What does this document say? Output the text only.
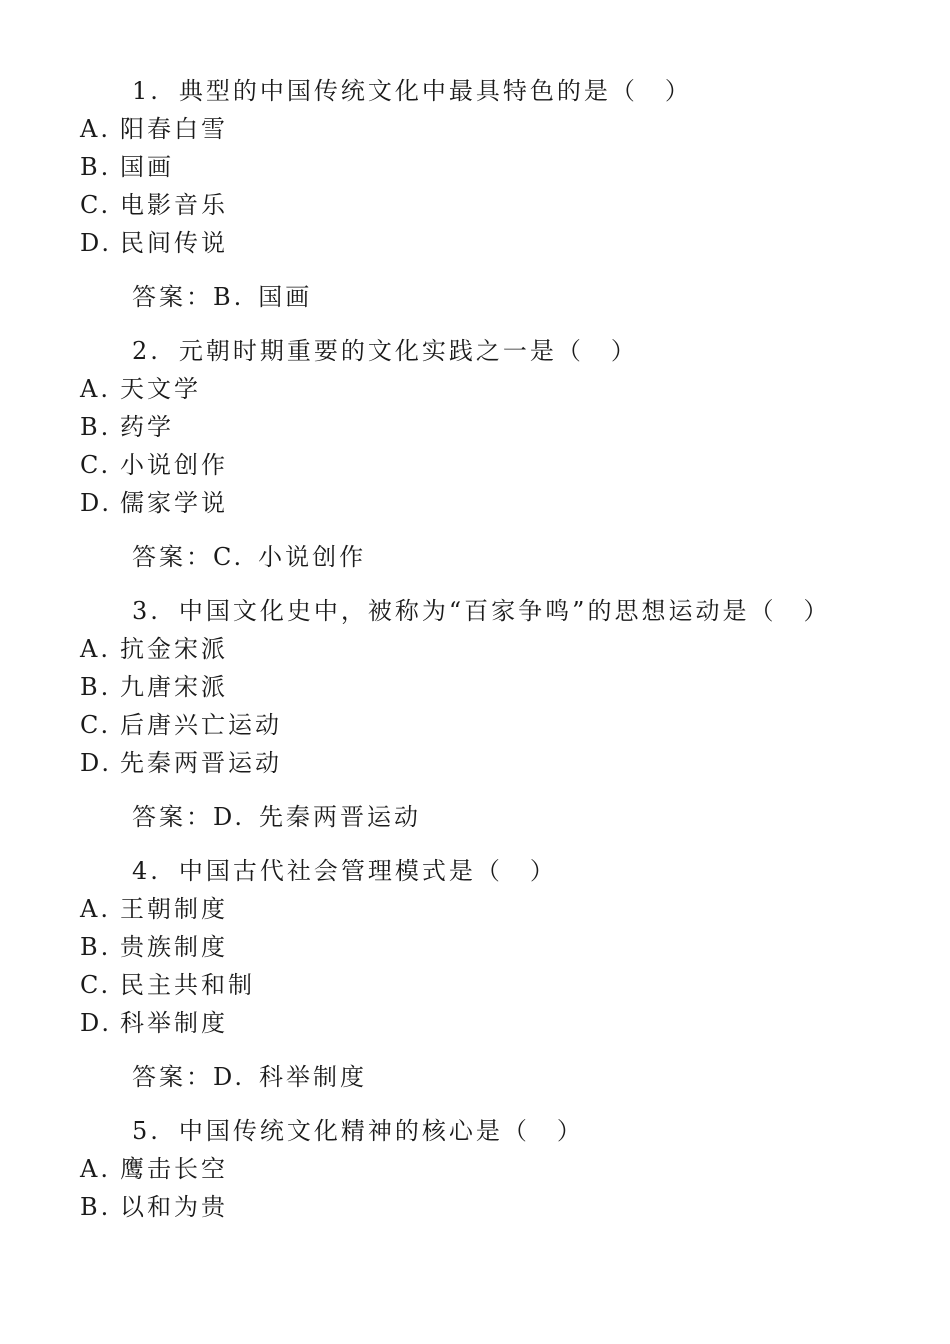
1. 典型的中国传统文化中最具特色的是（　）
A. 阳春白雪
B. 国画
C. 电影音乐
D. 民间传说
答案：B. 国画
2. 元朝时期重要的文化实践之一是（　）
A. 天文学
B. 药学
C. 小说创作
D. 儒家学说
答案：C. 小说创作
3. 中国文化史中，被称为“百家争鸣”的思想运动是（　）
A. 抗金宋派
B. 九唐宋派
C. 后唐兴亡运动
D. 先秦两晋运动
答案：D. 先秦两晋运动
4. 中国古代社会管理模式是（　）
A. 王朝制度
B. 贵族制度
C. 民主共和制
D. 科举制度
答案：D. 科举制度
5. 中国传统文化精神的核心是（　）
A. 鹰击长空
B. 以和为贵
